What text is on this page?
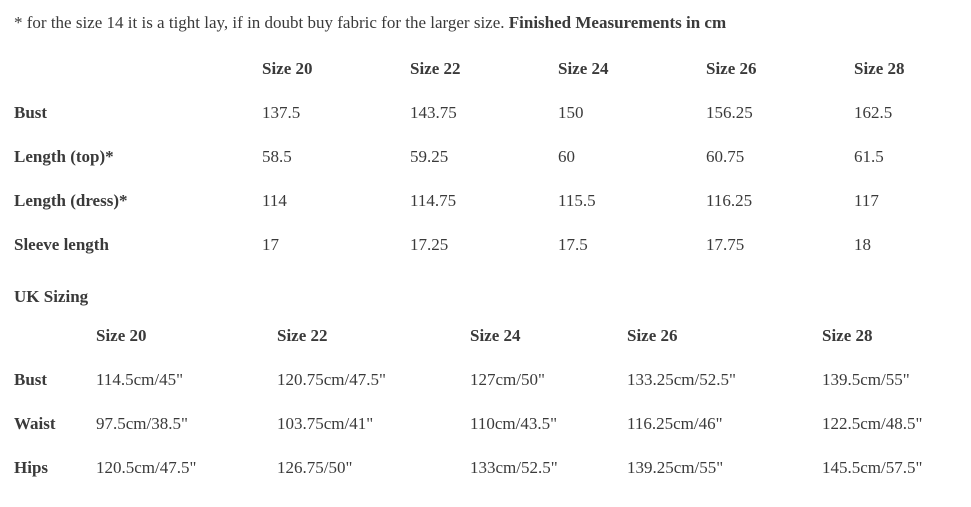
* for the size 14 it is a tight lay, if in doubt buy fabric for the larger size. Finished Measurements in cm

	Size 20	Size 22	Size 24	Size 26	Size 28
Bust	137.5	143.75	150	156.25	162.5
Length (top)*	58.5	59.25	60	60.75	61.5
Length (dress)*	114	114.75	115.5	116.25	117
Sleeve length	17	17.25	17.5	17.75	18

UK Sizing

	Size 20	Size 22	Size 24	Size 26	Size 28
Bust	114.5cm/45"	120.75cm/47.5"	127cm/50"	133.25cm/52.5"	139.5cm/55"
Waist	97.5cm/38.5"	103.75cm/41"	110cm/43.5"	116.25cm/46"	122.5cm/48.5"
Hips	120.5cm/47.5"	126.75/50"	133cm/52.5"	139.25cm/55"	145.5cm/57.5"
